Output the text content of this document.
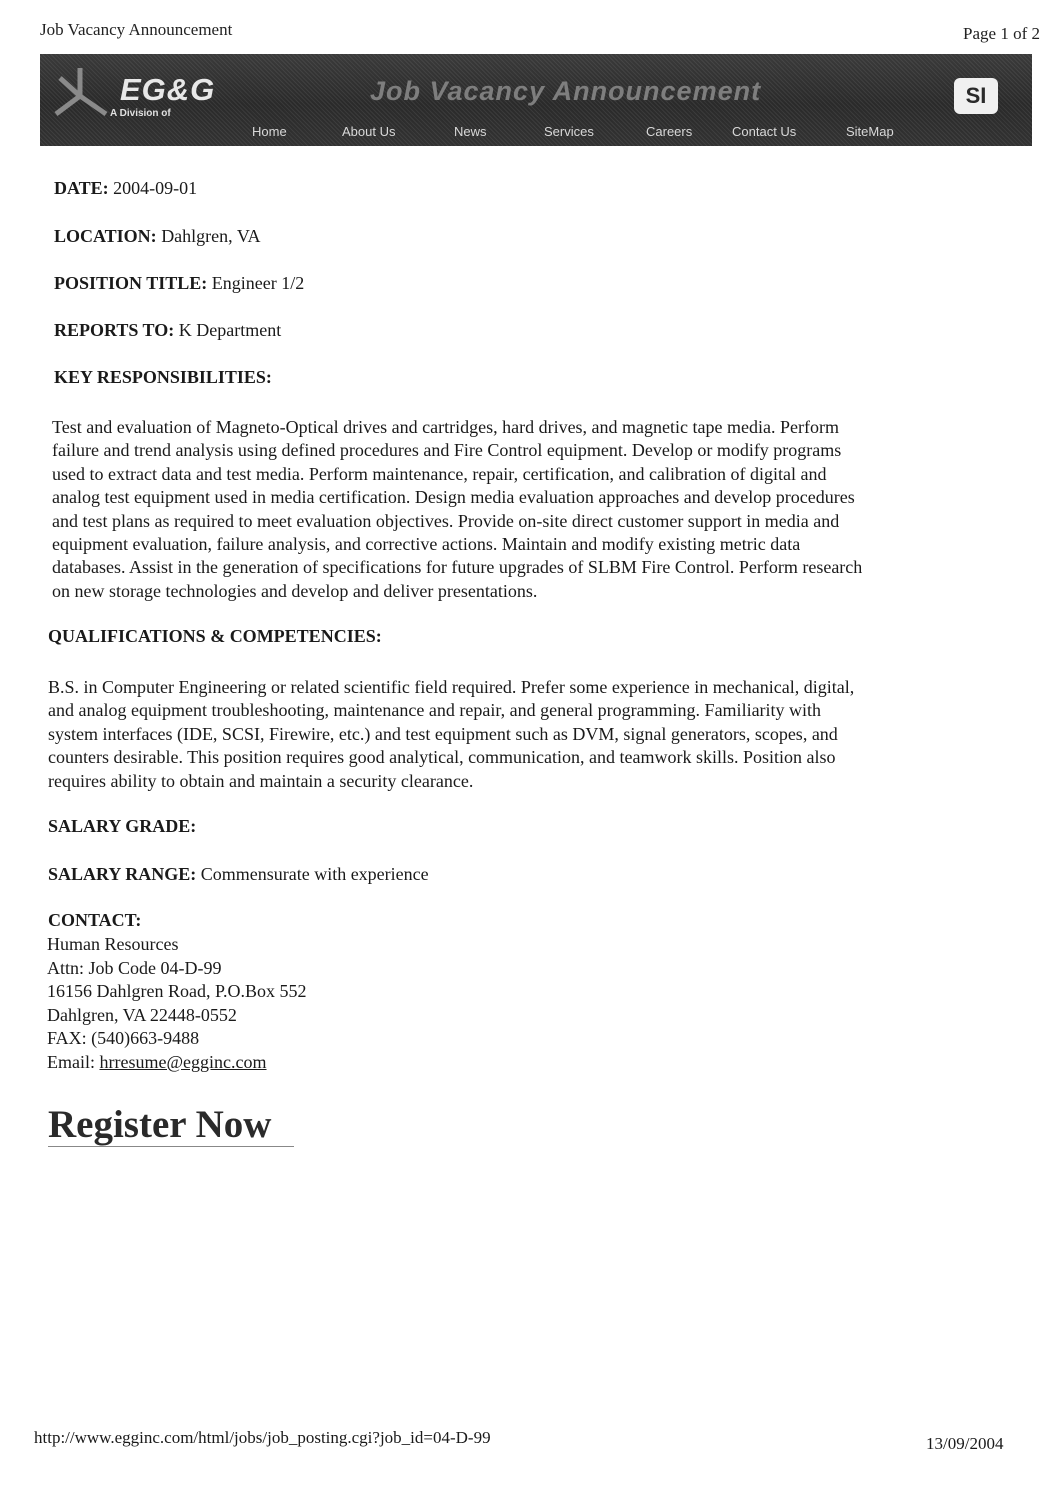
Job Vacancy Announcement	Page 1 of 2
EG&G
A Division of
Job Vacancy Announcement
Home	About Us	News	Services	Careers	Contact Us	SiteMap
SI
DATE: 2004-09-01
LOCATION: Dahlgren, VA
POSITION TITLE: Engineer 1/2
REPORTS TO: K Department
KEY RESPONSIBILITIES:
Test and evaluation of Magneto-Optical drives and cartridges, hard drives, and magnetic tape media. Perform
failure and trend analysis using defined procedures and Fire Control equipment. Develop or modify programs
used to extract data and test media. Perform maintenance, repair, certification, and calibration of digital and
analog test equipment used in media certification. Design media evaluation approaches and develop procedures
and test plans as required to meet evaluation objectives. Provide on-site direct customer support in media and
equipment evaluation, failure analysis, and corrective actions. Maintain and modify existing metric data
databases. Assist in the generation of specifications for future upgrades of SLBM Fire Control. Perform research
on new storage technologies and develop and deliver presentations.
QUALIFICATIONS & COMPETENCIES:
B.S. in Computer Engineering or related scientific field required. Prefer some experience in mechanical, digital,
and analog equipment troubleshooting, maintenance and repair, and general programming. Familiarity with
system interfaces (IDE, SCSI, Firewire, etc.) and test equipment such as DVM, signal generators, scopes, and
counters desirable. This position requires good analytical, communication, and teamwork skills. Position also
requires ability to obtain and maintain a security clearance.
SALARY GRADE:
SALARY RANGE: Commensurate with experience
CONTACT:
Human Resources
Attn: Job Code 04-D-99
16156 Dahlgren Road, P.O.Box 552
Dahlgren, VA 22448-0552
FAX: (540)663-9488
Email: hrresume@egginc.com
Register Now
http://www.egginc.com/html/jobs/job_posting.cgi?job_id=04-D-99	13/09/2004
